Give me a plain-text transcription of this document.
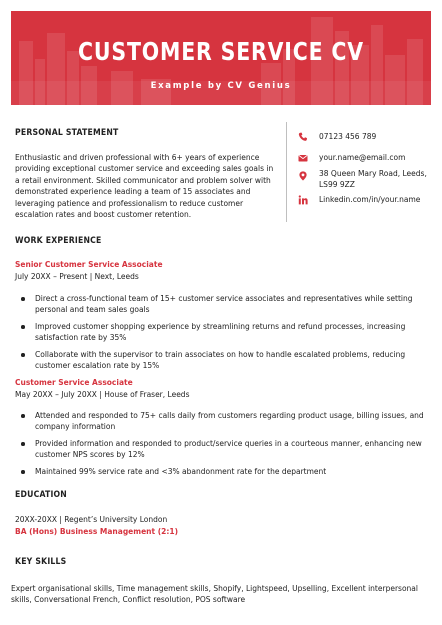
CUSTOMER SERVICE CV
Example by CV Genius
PERSONAL STATEMENT
Enthusiastic and driven professional with 6+ years of experience providing exceptional customer service and exceeding sales goals in a retail environment. Skilled communicator and problem solver with demonstrated experience leading a team of 15 associates and leveraging patience and professionalism to reduce customer escalation rates and boost customer retention.
07123 456 789
your.name@email.com
38 Queen Mary Road, Leeds, LS99 9ZZ
Linkedin.com/in/your.name
WORK EXPERIENCE
Senior Customer Service Associate
July 20XX – Present | Next, Leeds
Direct a cross-functional team of 15+ customer service associates and representatives while setting personal and team sales goals
Improved customer shopping experience by streamlining returns and refund processes, increasing satisfaction rate by 35%
Collaborate with the supervisor to train associates on how to handle escalated problems, reducing customer escalation rate by 15%
Customer Service Associate
May 20XX – July 20XX | House of Fraser, Leeds
Attended and responded to 75+ calls daily from customers regarding product usage, billing issues, and company information
Provided information and responded to product/service queries in a courteous manner, enhancing new customer NPS scores by 12%
Maintained 99% service rate and <3% abandonment rate for the department
EDUCATION
20XX-20XX | Regent’s University London
BA (Hons) Business Management (2:1)
KEY SKILLS
Expert organisational skills, Time management skills, Shopify, Lightspeed, Upselling, Excellent interpersonal skills, Conversational French, Conflict resolution, POS software
